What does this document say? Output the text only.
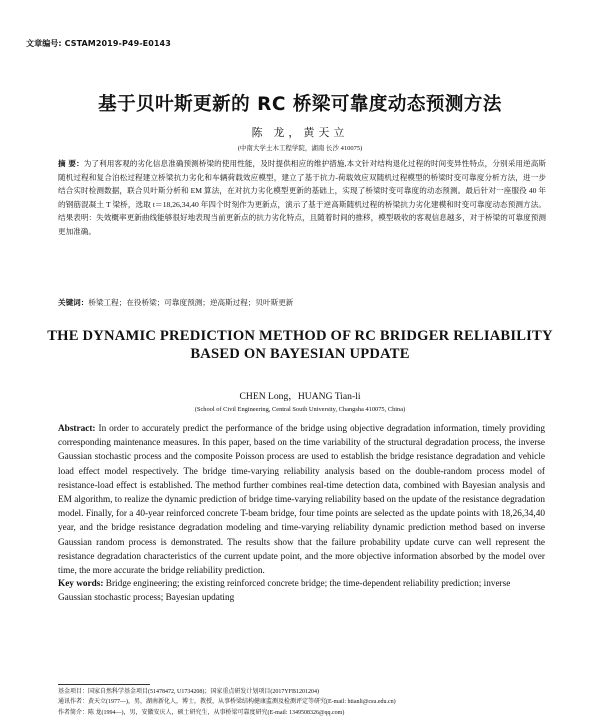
文章编号: CSTAM2019-P49-E0143
基于贝叶斯更新的 RC 桥梁可靠度动态预测方法
陈 龙，黄天立
(中南大学土木工程学院，湖南 长沙 410075)
摘 要：为了利用客观的劣化信息准确预测桥梁的使用性能，及时提供相应的维护措施,本文针对结构退化过程的时间变异性特点，分别采用逆高斯随机过程和复合泊松过程建立桥梁抗力劣化和车辆荷载效应模型，建立了基于抗力-荷载效应双随机过程模型的桥梁时变可靠度分析方法，进一步结合实时检测数据，联合贝叶斯分析和 EM 算法，在对抗力劣化模型更新的基础上，实现了桥梁时变可靠度的动态预测。最后针对一座服役 40 年的钢筋混凝土 T 梁桥，选取 t＝18,26,34,40 年四个时刻作为更新点，演示了基于逆高斯随机过程的桥梁抗力劣化建模和时变可靠度动态预测方法。结果表明：失效概率更新曲线能够很好地表现当前更新点的抗力劣化特点，且随着时间的推移，模型吸收的客观信息越多，对于桥梁的可靠度预测更加准确。
关键词：桥梁工程；在役桥梁；可靠度预测；逆高斯过程；贝叶斯更新
THE DYNAMIC PREDICTION METHOD OF RC BRIDGER RELIABILITY
BASED ON BAYESIAN UPDATE
CHEN Long，HUANG Tian-li
(School of Civil Engineering, Central South University, Changsha 410075, China)
Abstract: In order to accurately predict the performance of the bridge using objective degradation information, timely providing corresponding maintenance measures. In this paper, based on the time variability of the structural degradation process, the inverse Gaussian stochastic process and the composite Poisson process are used to establish the bridge resistance degradation and vehicle load effect model respectively. The bridge time-varying reliability analysis based on the double-random process model of resistance-load effect is established. The method further combines real-time detection data, combined with Bayesian analysis and EM algorithm, to realize the dynamic prediction of bridge time-varying reliability based on the update of the resistance degradation model. Finally, for a 40-year reinforced concrete T-beam bridge, four time points are selected as the update points with 18,26,34,40 year, and the bridge resistance degradation modeling and time-varying reliability dynamic prediction method based on inverse Gaussian random process is demonstrated. The results show that the failure probability update curve can well represent the resistance degradation characteristics of the current update point, and the more objective information absorbed by the model over time, the more accurate the bridge reliability prediction.
Key words: Bridge engineering; the existing reinforced concrete bridge; the time-dependent reliability prediction; inverse Gaussian stochastic process; Bayesian updating
基金项目：国家自然科学基金项目(51478472, U1734208)；国家重点研发计划项目(2017YFB1201204)
通讯作者：黄天立(1977—)，男，湖南新化人，博士，教授，从事桥梁结构健康监测及检测评定等研究(E-mail: htianli@csu.edu.cn)
作者简介：陈 龙(1994—)，男，安徽安庆人，硕士研究生，从事桥梁可靠度研究(E-mail: 1349508326@qq.com)
